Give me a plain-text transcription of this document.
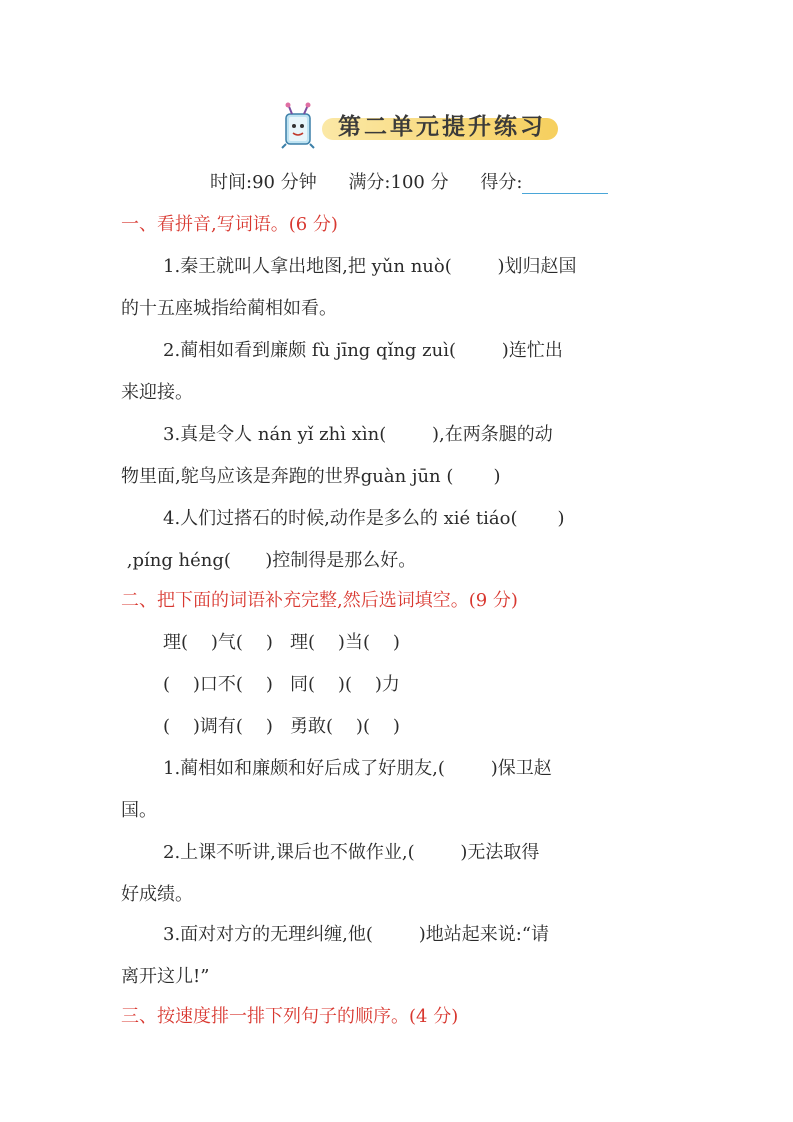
第二单元提升练习
时间:90 分钟 满分:100 分 得分:
一、看拼音,写词语。(6 分)
1.秦王就叫人拿出地图,把 yǔn nuò(        )划归赵国
的十五座城指给蔺相如看。
2.蔺相如看到廉颇 fù jīng qǐng zuì(        )连忙出
来迎接。
3.真是令人 nán yǐ zhì xìn(        ),在两条腿的动
物里面,鸵鸟应该是奔跑的世界guàn jūn (       )
4.人们过搭石的时候,动作是多么的 xié tiáo(       )
,píng héng(      )控制得是那么好。
二、把下面的词语补充完整,然后选词填空。(9 分)
理(    )气(    )   理(    )当(    )
(    )口不(    )   同(    )(    )力
(    )调有(    )   勇敢(    )(    )
1.蔺相如和廉颇和好后成了好朋友,(        )保卫赵
国。
2.上课不听讲,课后也不做作业,(        )无法取得
好成绩。
3.面对对方的无理纠缠,他(        )地站起来说:“请
离开这儿!”
三、按速度排一排下列句子的顺序。(4 分)
